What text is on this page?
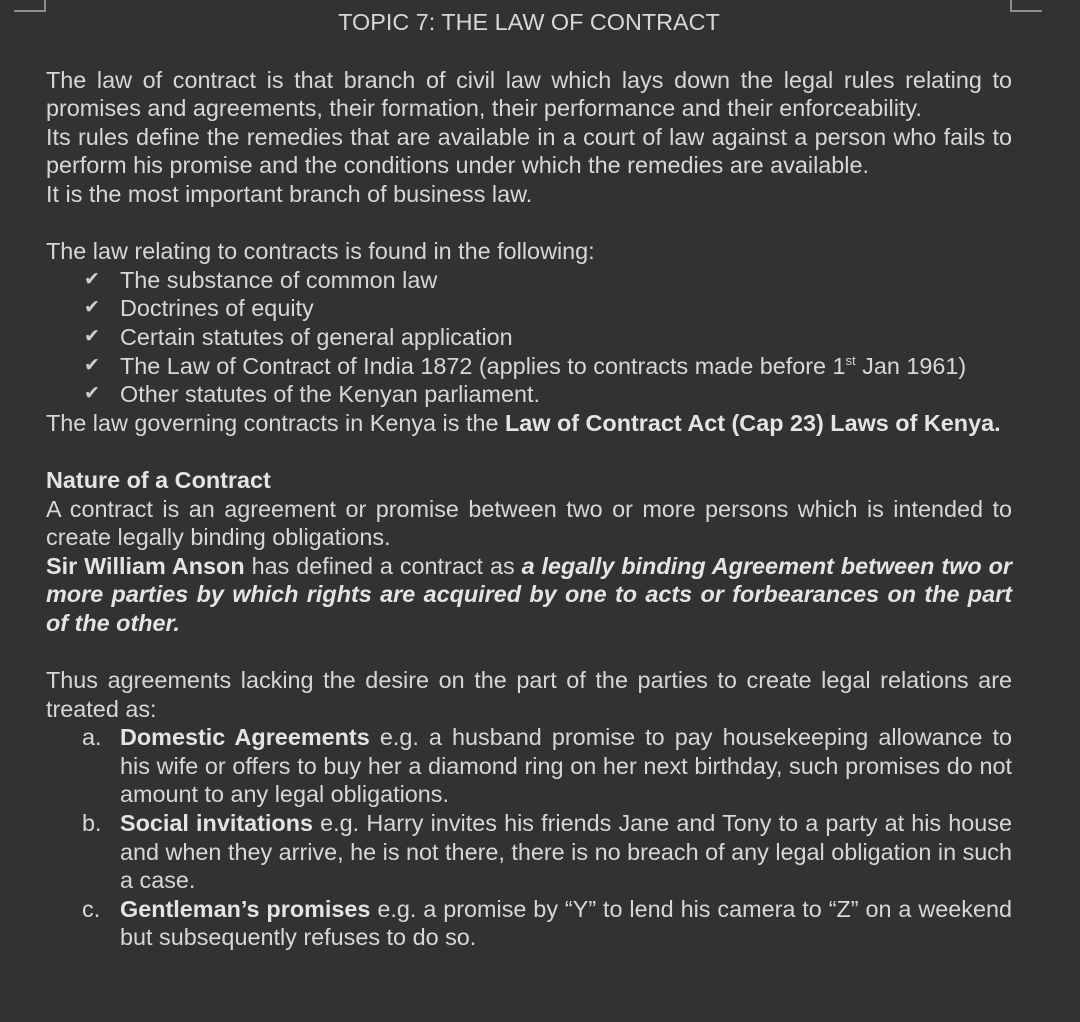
TOPIC 7: THE LAW OF CONTRACT

The law of contract is that branch of civil law which lays down the legal rules relating to promises and agreements, their formation, their performance and their enforceability.

Its rules define the remedies that are available in a court of law against a person who fails to perform his promise and the conditions under which the remedies are available.

It is the most important branch of business law.

The law relating to contracts is found in the following:

✔ The substance of common law
✔ Doctrines of equity
✔ Certain statutes of general application
✔ The Law of Contract of India 1872 (applies to contracts made before 1st Jan 1961)
✔ Other statutes of the Kenyan parliament.

The law governing contracts in Kenya is the Law of Contract Act (Cap 23) Laws of Kenya.

Nature of a Contract

A contract is an agreement or promise between two or more persons which is intended to create legally binding obligations.

Sir William Anson has defined a contract as a legally binding Agreement between two or more parties by which rights are acquired by one to acts or forbearances on the part of the other.

Thus agreements lacking the desire on the part of the parties to create legal relations are treated as:

a. Domestic Agreements e.g. a husband promise to pay housekeeping allowance to his wife or offers to buy her a diamond ring on her next birthday, such promises do not amount to any legal obligations.
b. Social invitations e.g. Harry invites his friends Jane and Tony to a party at his house and when they arrive, he is not there, there is no breach of any legal obligation in such a case.
c. Gentleman’s promises e.g. a promise by “Y” to lend his camera to “Z” on a weekend but subsequently refuses to do so.
